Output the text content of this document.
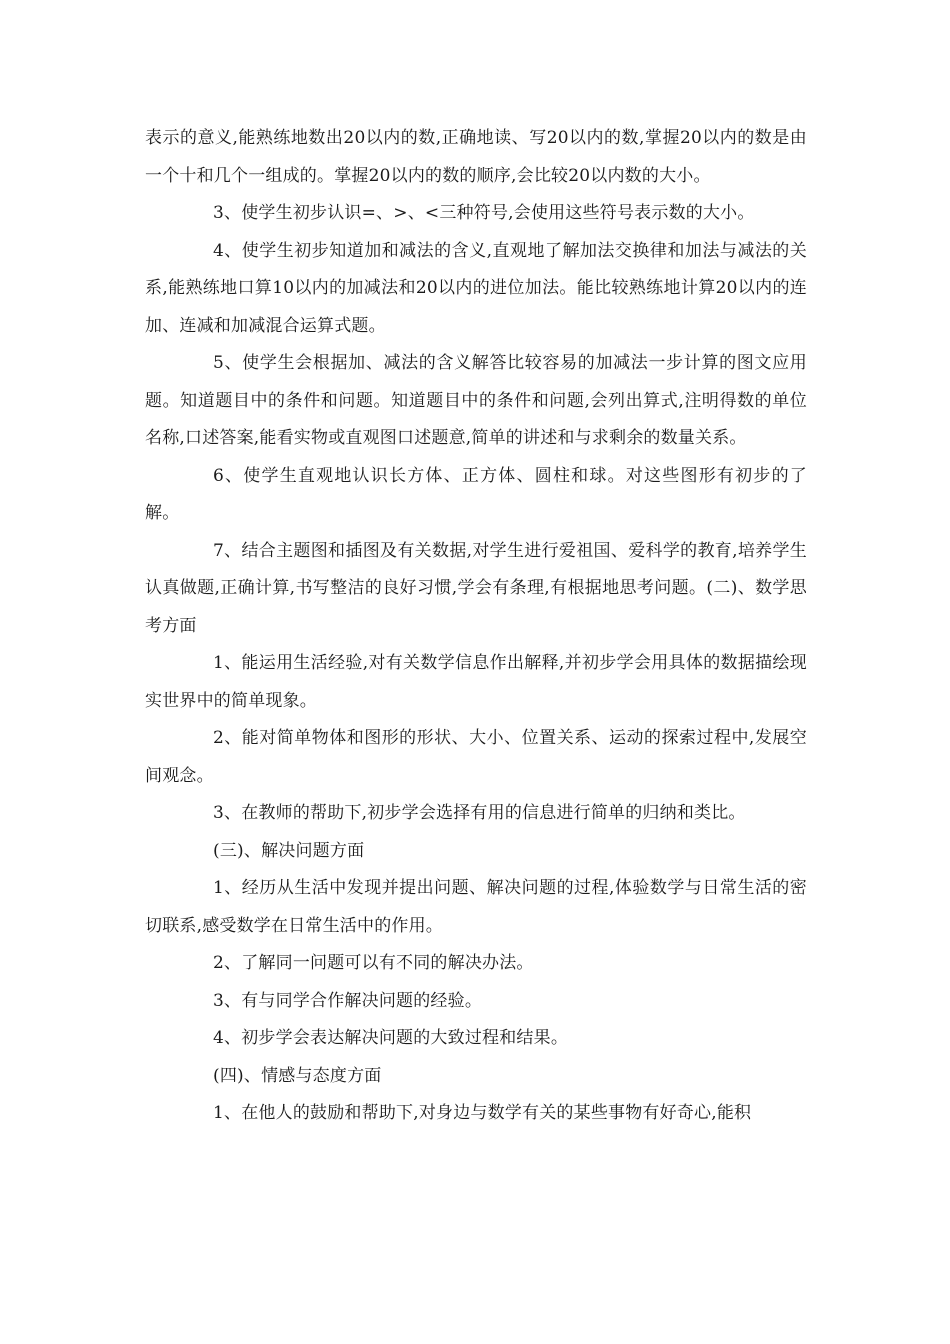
表示的意义,能熟练地数出20以内的数,正确地读、写20以内的数,掌握20以内的数是由一个十和几个一组成的。掌握20以内的数的顺序,会比较20以内数的大小。

3、使学生初步认识=、>、<三种符号,会使用这些符号表示数的大小。

4、使学生初步知道加和减法的含义,直观地了解加法交换律和加法与减法的关系,能熟练地口算10以内的加减法和20以内的进位加法。能比较熟练地计算20以内的连加、连减和加减混合运算式题。

5、使学生会根据加、减法的含义解答比较容易的加减法一步计算的图文应用题。知道题目中的条件和问题。知道题目中的条件和问题,会列出算式,注明得数的单位名称,口述答案,能看实物或直观图口述题意,简单的讲述和与求剩余的数量关系。

6、使学生直观地认识长方体、正方体、圆柱和球。对这些图形有初步的了解。

7、结合主题图和插图及有关数据,对学生进行爱祖国、爱科学的教育,培养学生认真做题,正确计算,书写整洁的良好习惯,学会有条理,有根据地思考问题。(二)、数学思考方面

1、能运用生活经验,对有关数学信息作出解释,并初步学会用具体的数据描绘现实世界中的简单现象。

2、能对简单物体和图形的形状、大小、位置关系、运动的探索过程中,发展空间观念。

3、在教师的帮助下,初步学会选择有用的信息进行简单的归纳和类比。

(三)、解决问题方面

1、经历从生活中发现并提出问题、解决问题的过程,体验数学与日常生活的密切联系,感受数学在日常生活中的作用。

2、了解同一问题可以有不同的解决办法。

3、有与同学合作解决问题的经验。

4、初步学会表达解决问题的大致过程和结果。

(四)、情感与态度方面

1、在他人的鼓励和帮助下,对身边与数学有关的某些事物有好奇心,能积
